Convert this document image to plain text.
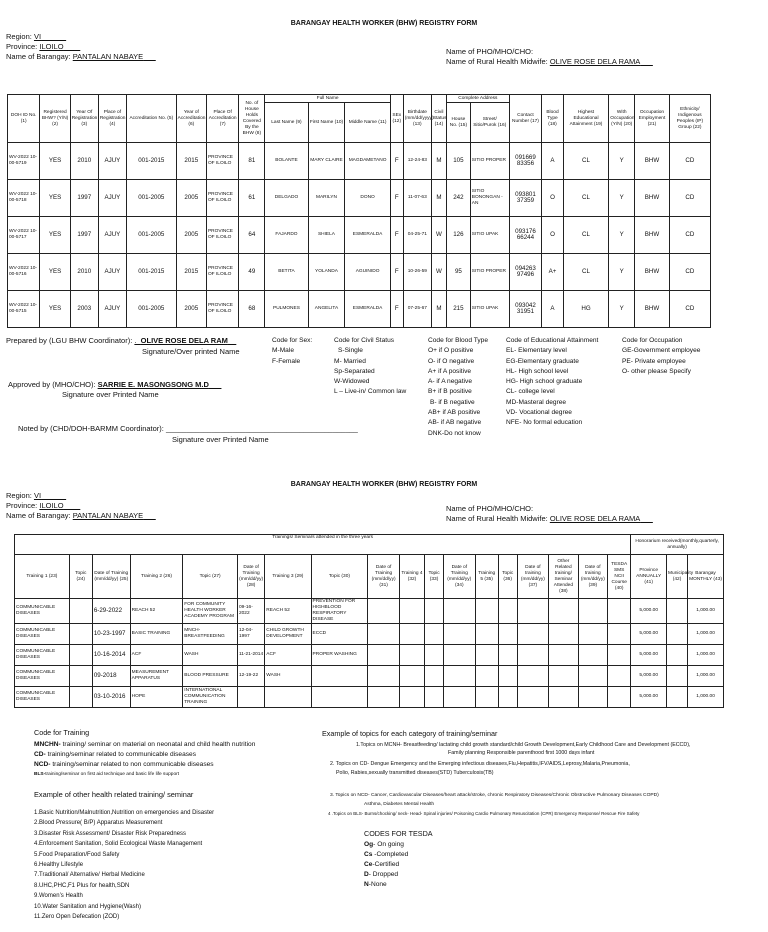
BARANGAY HEALTH WORKER (BHW) REGISTRY FORM
Region: VI______
Province: ILOILO____
Name of Barangay: PANTALAN NABAYE___
Name of PHO/MHO/CHO:
Name of Rural Health Midwife: OLIVE ROSE DELA RAMA___
DOH ID No. (1)	Registered BHW? (Y/N) (2)	Year Of Registration (3)	Place of Registration (4)	Accreditation No. (5)	Year of Accreditation (6)	Place Of Accreditation (7)	No. of House Holds Covered By the BHW (8)	Full Name			SEx (12)	Birthdate (mm/dd/yyyy) (13)	Civil Status (14)	Complete Address		Contact Number (17)	Blood Type (18)	Highest Educational Attainment (19)	With Occupation (Y/N) (20)	Occupation Employment (21)	Ethnicity/ Indigenous Peoples (IP) Group (22)
								Last Name (9)	First Name (10)	Middle Name (11)				House No. (15)	Street/ Sitio/Purok (16)						
WV-2022 10-00-5719	YES	2010	AJUY	001-2015	2015	PROVINCE OF ILOILO	81	BOLANTE	MARY CLAIRE	MAGDAMETANO	F	12-24-83	M	105	SITIO PROPER	091669 83356	A	CL	Y	BHW	CD
WV-2022 10-00-5718	YES	1997	AJUY	001-2005	2005	PROVINCE OF ILOILO	61	DELGADO	MARILYN	DONO	F	11-07-63	M	242	SITIO BONONGAN -AN	093801 37359	O	CL	Y	BHW	CD
WV-2022 10-00-5717	YES	1997	AJUY	001-2005	2005	PROVINCE OF ILOILO	64	FAJARDO	SHIELA	ESMERALDA	F	04-25-71	W	126	SITIO UPAK	093176 66244	O	CL	Y	BHW	CD
WV-2022 10-00-5716	YES	2010	AJUY	001-2015	2015	PROVINCE OF ILOILO	49	BETITA	YOLANDA	AGUINIDO	F	10-26-59	W	95	SITIO PROPER	094263 97496	A+	CL	Y	BHW	CD
WV-2022 10-00-5715	YES	2003	AJUY	001-2005	2005	PROVINCE OF ILOILO	68	PULMONES	ANGELITA	ESMERALDA	F	07-25-67	M	215	SITIO UPAK	093042 31951	A	HG	Y	BHW	CD
Prepared by (LGU BHW Coordinator): ._OLIVE ROSE DELA RAM__
Signature/Over printed Name
Approved by (MHO/CHO): SARRIE E. MASONGSONG M.D___
Signature over Printed Name
Noted by (CHD/DOH-BARMM Coordinator): ______________________________________________
Signature over Printed Name
Code for Sex:
M-Male
F-Female
Code for Civil Status
S-Single
M- Married
Sp-Separated
W-Widowed
L – Live-in/ Common law
Code for Blood Type
O+ if O positive
O- if O negative
A+ if A positive
A- if A negative
B+ if B positive
B- if B negative
AB+ if AB positive
AB- if AB negative
DNK-Do not know
Code of Educational Attainment
EL- Elementary level
EG-Elementary graduate
HL- High school level
HG- High school graduate
CL- college level
MD-Masteral degree
VD- Vocational degree
NFE- No formal education
Code for Occupation
GE-Government employee
PE- Private employee
O- other please Specify
BARANGAY HEALTH WORKER (BHW) REGISTRY FORM
Region: VI______
Province: ILOILO____
Name of Barangay: PANTALAN NABAYE___
Name of PHO/MHO/CHO:
Name of Rural Health Midwife: OLIVE ROSE DELA RAMA___
Trainings/ Seminars attended in the three years																		Honorarium received(monthly,quarterly, annually)		
Training 1 (23)	Topic (24)	Date of Training (mm/dd/yy) (25)	Training 2 (26)	Topic (27)	Date of Training (mm/dd/yy) (28)	Training 3 (29)	Topic (30)	Date of Training (mm/dd/yy) (31)	Training 4 (32)	Topic (33)	Date of Training (mm/dd/yy) (34)	Training 5 (35)	Topic (36)	Date of training (mm/dd/yy) (37)	Other Related training/ Seminar Attended (38)	Date of training (mm/dd/yy) (39)	TESDA SMS NCII Course (40)	Province ANNUALLY (41)	Municipality (42)	Barangay MONTHLY (43)
COMMUNICABLE DISEASES		6-29-2022	REACH 52	FOR COMMUNITY HEALTH WORKER ACADEMY PROGRAM	09-16-2022	REACH 52	PREVENTION FOR HIGHBLOOD RESPIRATORY DISEASE											5,000.00		1,000.00
COMMUNICABLE DISEASES		10-23-1997	BASIC TRAINING	MNCH- BREASTFEEDING	12-04-1997	CHILD GROWTH DEVELOPMENT	ECCD											5,000.00		1,000.00
COMMUNICABLE DISEASES		10-16-2014	ACF	WASH	11-21-2014	ACF	PROPER WASHING											5,000.00		1,000.00
COMMUNICABLE DISEASES		09-2018	MEASUREMENT APPARATUS	BLOOD PRESSURE	12-19-22	WASH												5,000.00		1,000.00
COMMUNICABLE DISEASES		03-10-2016	HOPE	INTERNATIONAL COMMUNICATION TRAINING														5,000.00		1,000.00
Code for Training
MNCHN- training/ seminar on material on neonatal and child health nutrition
CD- training/seminar related to communicable diseases
NCD- training/seminar related to non communicable diseases
BLS-training/seminar on first aid technique and basic life life support
Example of other health related training/ seminar
1.Basic Nutrition/Malnutrition,Nutrition on emergencies and Disaster
2.Blood Pressure( B/P) Apparatus Measurement
3.Disaster Risk Assessment/ Disaster Risk Preparedness
4.Enforcement Sanitation, Solid Ecological Waste Management
5.Food Preparation/Food Safety
6.Healthy Lifestyle
7.Traditional/ Alternative/ Herbal Medicine
8.UHC,PHC,F1 Plus for health,SDN
9.Women’s Health
10.Water Sanitation and Hygiene(Wash)
11.Zero Open Defecation (ZOD)
Example of topics for each category of training/seminar
1.Topics on MCNH- Breastfeeding/ lactating child growth standard/child Growth Development,Early Childhood Care and Development (ECCD),
Family planning Responsible parenthood first 1000 days infant
2. Topics on CD- Dengue Emergency and the Emerging infectious diseases,Flu,Hepatitis,IFV/AIDS,Leprosy,Malaria,Pneumonia,
Polio, Rabies,sexually transmitted diseases(STD) Tuberculosis(TB)
3. Topics on NCD- Cancer, Cardiovascular Diseases/heart attack/stroke, chronic Respiratory Diseases/Chronic Obstructive Pulmonary Diseases COPD)
Asthma, Diabetes Mental Health
4 .Topics on BLS- Burns/chocking/ neck- Head- Spinal injuries/ Poisoning Cardio Pulmonary Resuscitation (CPR) Emergency Response/ Rescue Fire Safety
CODES FOR TESDA
Og- On going
Cs -Completed
Ce-Certified
D- Dropped
N-None
